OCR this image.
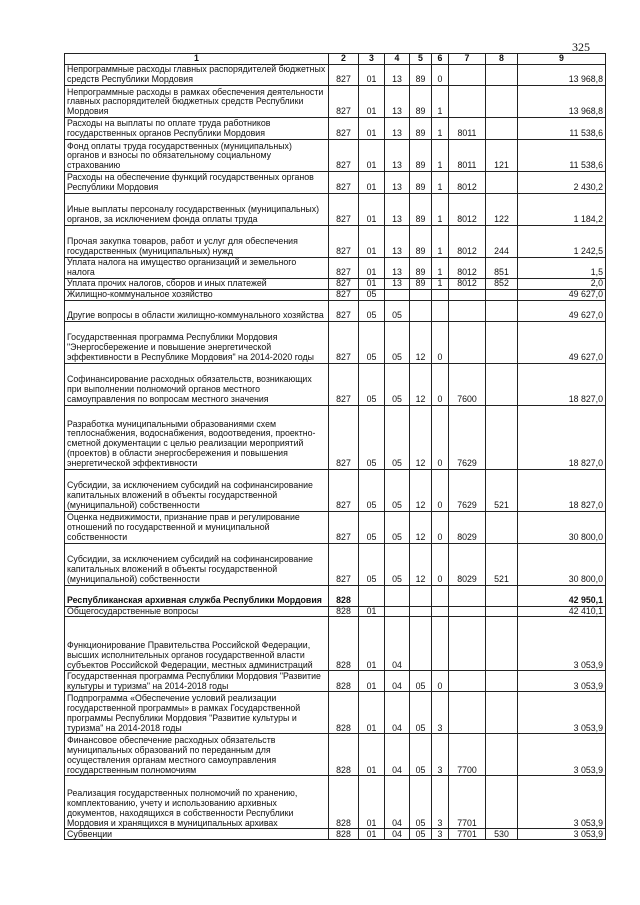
325
1	2	3	4	5	6	7	8	9
Непрограммные расходы главных распорядителей бюджетных средств Республики Мордовия	827	01	13	89	0			13 968,8
Непрограммные расходы в рамках обеспечения деятельности главных распорядителей бюджетных средств Республики Мордовия	827	01	13	89	1			13 968,8
Расходы на выплаты по оплате труда работников государственных органов Республики Мордовия	827	01	13	89	1	8011		11 538,6
Фонд оплаты труда государственных (муниципальных) органов и взносы по обязательному социальному страхованию	827	01	13	89	1	8011	121	11 538,6
Расходы на обеспечение функций государственных органов Республики Мордовия	827	01	13	89	1	8012		2 430,2
Иные выплаты персоналу государственных (муниципальных) органов, за исключением фонда оплаты труда	827	01	13	89	1	8012	122	1 184,2
Прочая закупка товаров, работ и услуг для обеспечения государственных (муниципальных) нужд	827	01	13	89	1	8012	244	1 242,5
Уплата налога на имущество организаций и земельного налога	827	01	13	89	1	8012	851	1,5
Уплата прочих налогов, сборов и иных платежей	827	01	13	89	1	8012	852	2,0
Жилищно-коммунальное хозяйство	827	05						49 627,0
Другие вопросы в области жилищно-коммунального хозяйства	827	05	05					49 627,0
Государственная программа Республики Мордовия "Энергосбережение и повышение энергетической эффективности в Республике Мордовия" на 2014-2020 годы	827	05	05	12	0			49 627,0
Софинансирование расходных обязательств, возникающих при выполнении полномочий органов местного самоуправления по вопросам местного значения	827	05	05	12	0	7600		18 827,0
Разработка муниципальными образованиями схем теплоснабжения, водоснабжения, водоотведения, проектно-сметной документации с целью реализации мероприятий (проектов) в области энергосбережения и повышения энергетической эффективности	827	05	05	12	0	7629		18 827,0
Субсидии, за исключением субсидий на софинансирование капитальных вложений в объекты государственной (муниципальной) собственности	827	05	05	12	0	7629	521	18 827,0
Оценка недвижимости, признание прав и регулирование отношений по государственной и муниципальной собственности	827	05	05	12	0	8029		30 800,0
Субсидии, за исключением субсидий на софинансирование капитальных вложений в объекты государственной (муниципальной) собственности	827	05	05	12	0	8029	521	30 800,0
Республиканская архивная служба Республики Мордовия	828							42 950,1
Общегосударственные вопросы	828	01						42 410,1
Функционирование Правительства Российской Федерации, высших исполнительных органов государственной власти субъектов Российской Федерации, местных администраций	828	01	04					3 053,9
Государственная программа Республики Мордовия "Развитие культуры и туризма" на 2014-2018 годы	828	01	04	05	0			3 053,9
Подпрограмма «Обеспечение условий реализации государственной программы» в рамках Государственной программы Республики Мордовия "Развитие культуры и туризма" на 2014-2018 годы	828	01	04	05	3			3 053,9
Финансовое обеспечение расходных обязательств муниципальных образований по переданным для осуществления органам местного самоуправления государственным полномочиям	828	01	04	05	3	7700		3 053,9
Реализация государственных полномочий по хранению, комплектованию, учету и использованию архивных документов, находящихся в собственности Республики Мордовия и хранящихся в муниципальных архивах	828	01	04	05	3	7701		3 053,9
Субвенции	828	01	04	05	3	7701	530	3 053,9
